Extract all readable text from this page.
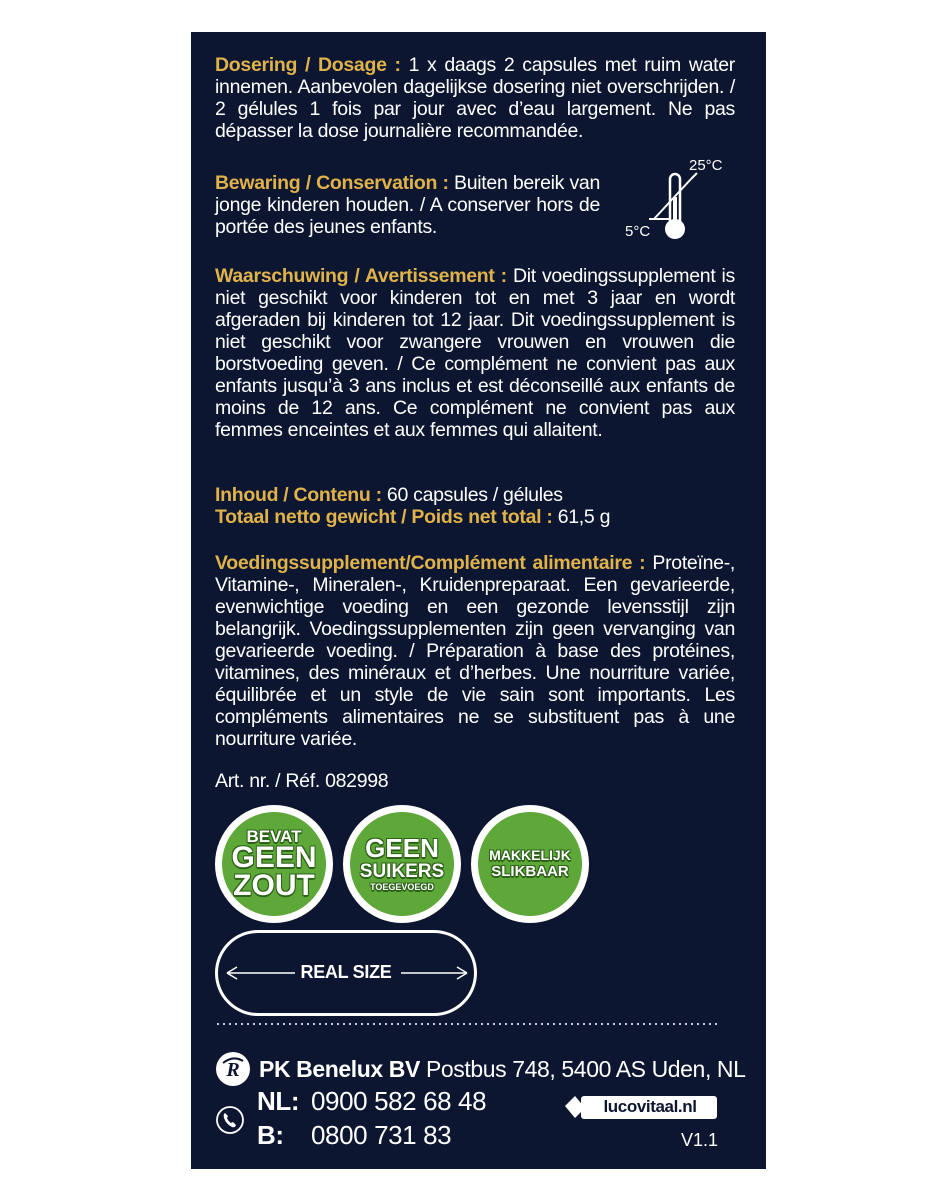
Dosering / Dosage : 1 x daags 2 capsules met ruim water innemen. Aanbevolen dagelijkse dosering niet overschrijden. / 2 gélules 1 fois par jour avec d’eau largement. Ne pas dépasser la dose journalière recommandée.
Bewaring / Conservation : Buiten bereik van jonge kinderen houden. / A conserver hors de portée des jeunes enfants.
25°C
5°C
Waarschuwing / Avertissement : Dit voedingssupplement is niet geschikt voor kinderen tot en met 3 jaar en wordt afgeraden bij kinderen tot 12 jaar. Dit voedingssupplement is niet geschikt voor zwangere vrouwen en vrouwen die borstvoeding geven. / Ce complément ne convient pas aux enfants jusqu’à 3 ans inclus et est déconseillé aux enfants de moins de 12 ans. Ce complément ne convient pas aux femmes enceintes et aux femmes qui allaitent.
Inhoud / Contenu : 60 capsules / gélules
Totaal netto gewicht / Poids net total : 61,5 g
Voedingssupplement/Complément alimentaire : Proteïne-, Vitamine-, Mineralen-, Kruidenpreparaat. Een gevarieerde, evenwichtige voeding en een gezonde levensstijl zijn belangrijk. Voedingssupplementen zijn geen vervanging van gevarieerde voeding. / Préparation à base des protéines, vitamines, des minéraux et d’herbes. Une nourriture variée, équilibrée et un style de vie sain sont importants. Les compléments alimentaires ne se substituent pas à une nourriture variée.
Art. nr. / Réf. 082998
BEVAT
GEEN
ZOUT
GEEN
SUIKERS
TOEGEVOEGD
MAKKELIJK
SLIKBAAR
REAL SIZE
R PK Benelux BV Postbus 748, 5400 AS Uden, NL
NL: 0900 582 68 48
B: 0800 731 83
lucovitaal.nl
V1.1
